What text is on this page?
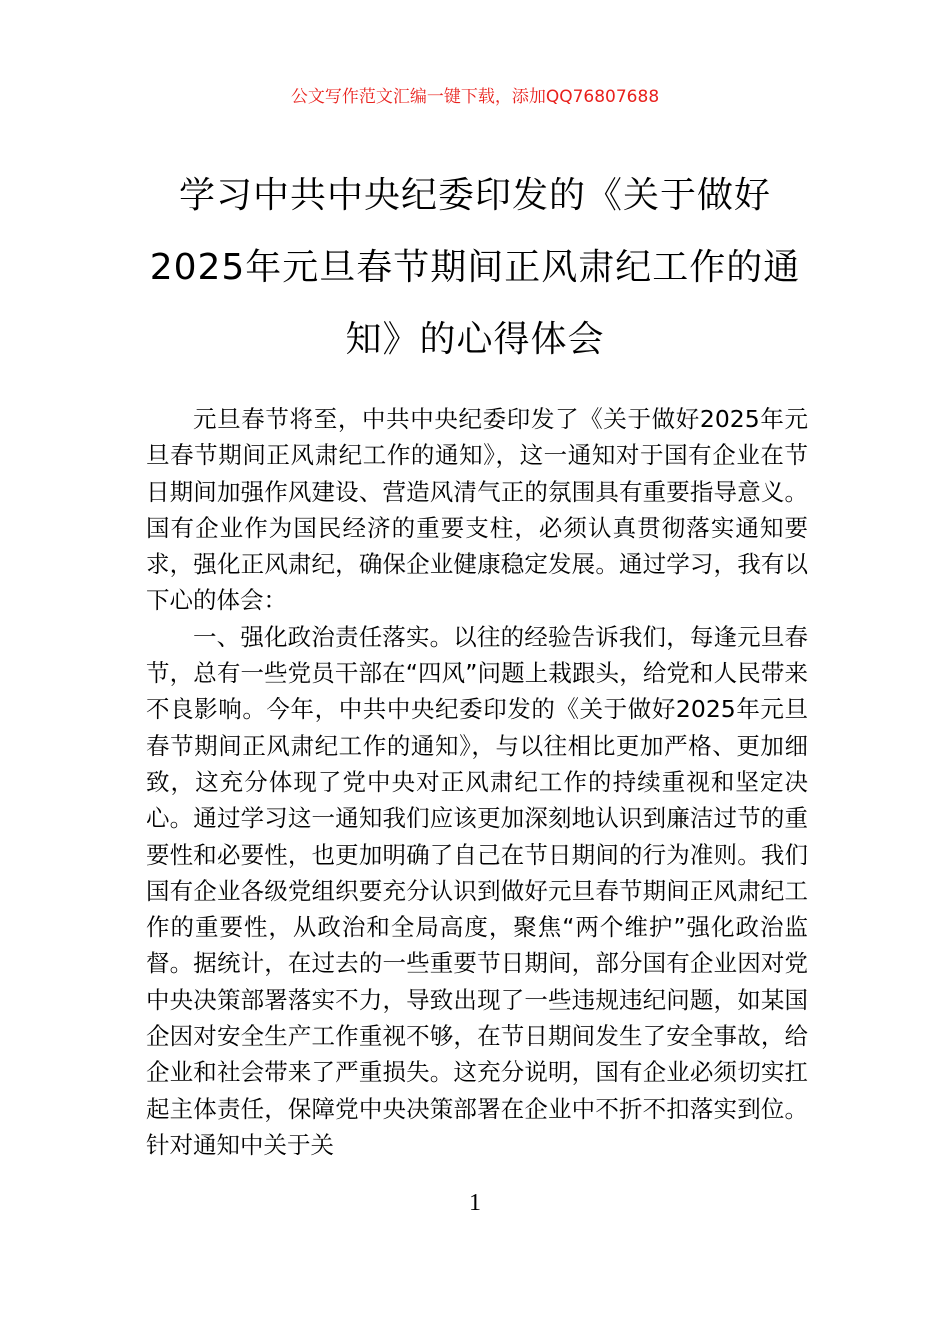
公文写作范文汇编一键下载，添加QQ76807688
学习中共中央纪委印发的《关于做好2025年元旦春节期间正风肃纪工作的通知》的心得体会

元旦春节将至，中共中央纪委印发了《关于做好2025年元旦春节期间正风肃纪工作的通知》，这一通知对于国有企业在节日期间加强作风建设、营造风清气正的氛围具有重要指导意义。国有企业作为国民经济的重要支柱，必须认真贯彻落实通知要求，强化正风肃纪，确保企业健康稳定发展。通过学习，我有以下心的体会：

一、强化政治责任落实。以往的经验告诉我们，每逢元旦春节，总有一些党员干部在“四风”问题上栽跟头，给党和人民带来不良影响。今年，中共中央纪委印发的《关于做好2025年元旦春节期间正风肃纪工作的通知》，与以往相比更加严格、更加细致，这充分体现了党中央对正风肃纪工作的持续重视和坚定决心。通过学习这一通知我们应该更加深刻地认识到廉洁过节的重要性和必要性，也更加明确了自己在节日期间的行为准则。我们国有企业各级党组织要充分认识到做好元旦春节期间正风肃纪工作的重要性，从政治和全局高度，聚焦“两个维护”强化政治监督。据统计，在过去的一些重要节日期间，部分国有企业因对党中央决策部署落实不力，导致出现了一些违规违纪问题，如某国企因对安全生产工作重视不够，在节日期间发生了安全事故，给企业和社会带来了严重损失。这充分说明，国有企业必须切实扛起主体责任，保障党中央决策部署在企业中不折不扣落实到位。针对通知中关于关

1
